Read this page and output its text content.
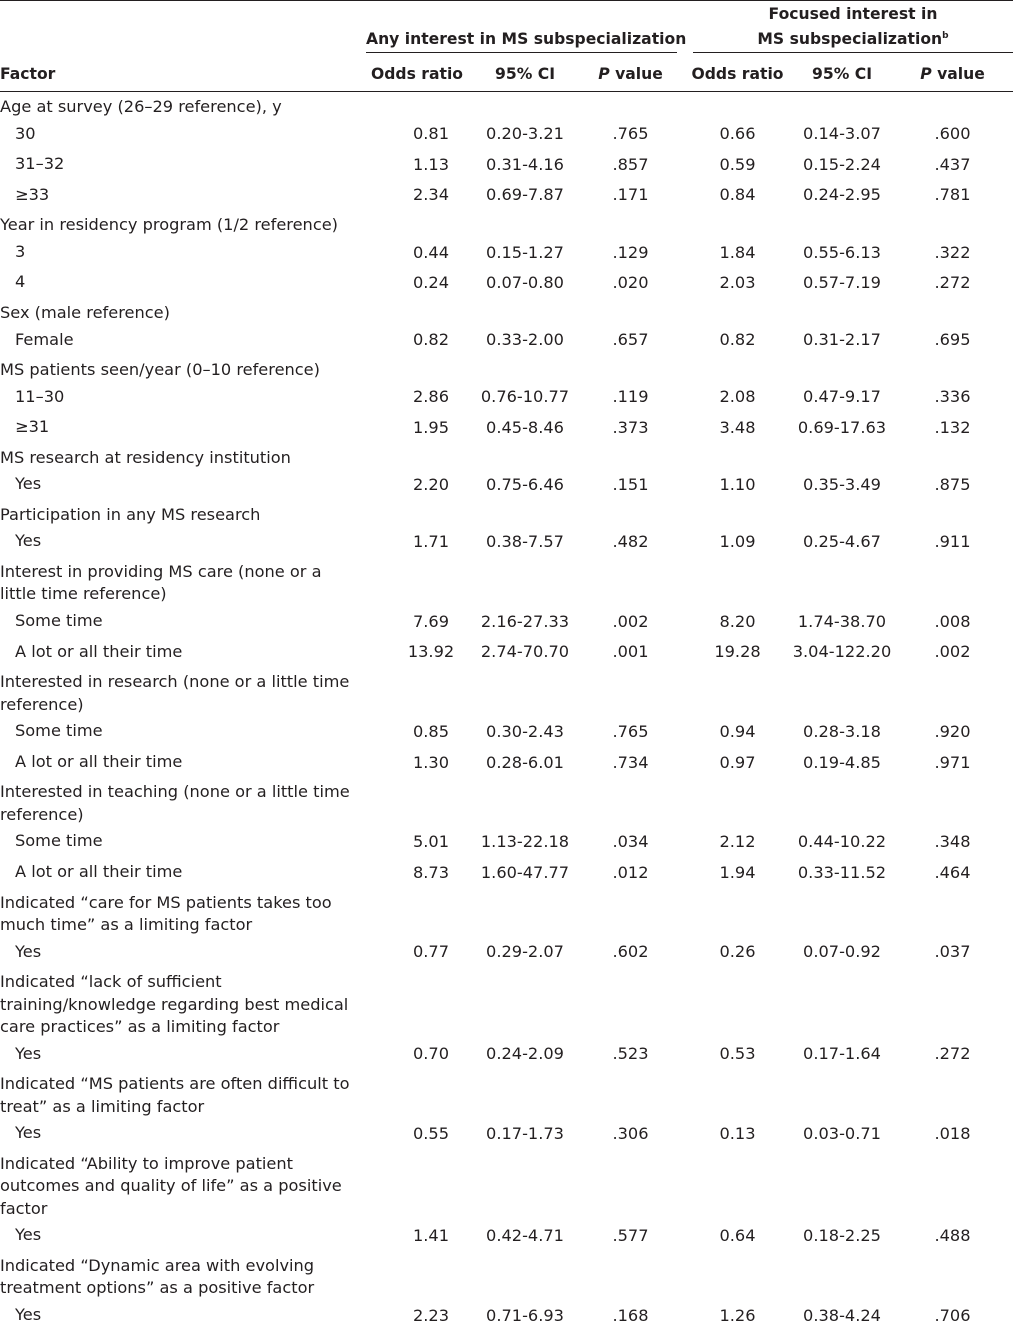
	Any interest in MS subspecialization			Focused interest in
MS subspecialization$^b$

Factor	Odds ratio	95% CI	P value	Odds ratio	95% CI	P value
Age at survey (26–29 reference), y						
30	0.81	0.20-3.21	.765	0.66	0.14-3.07	.600
31–32	1.13	0.31-4.16	.857	0.59	0.15-2.24	.437
≥33	2.34	0.69-7.87	.171	0.84	0.24-2.95	.781
Year in residency program (1/2 reference)						
3	0.44	0.15-1.27	.129	1.84	0.55-6.13	.322
4	0.24	0.07-0.80	.020	2.03	0.57-7.19	.272
Sex (male reference)						
Female	0.82	0.33-2.00	.657	0.82	0.31-2.17	.695
MS patients seen/year (0–10 reference)						
11–30	2.86	0.76-10.77	.119	2.08	0.47-9.17	.336
≥31	1.95	0.45-8.46	.373	3.48	0.69-17.63	.132
MS research at residency institution						
Yes	2.20	0.75-6.46	.151	1.10	0.35-3.49	.875
Participation in any MS research						
Yes	1.71	0.38-7.57	.482	1.09	0.25-4.67	.911
Interest in providing MS care (none or a little time reference)						
Some time	7.69	2.16-27.33	.002	8.20	1.74-38.70	.008
A lot or all their time	13.92	2.74-70.70	.001	19.28	3.04-122.20	.002
Interested in research (none or a little time reference)						
Some time	0.85	0.30-2.43	.765	0.94	0.28-3.18	.920
A lot or all their time	1.30	0.28-6.01	.734	0.97	0.19-4.85	.971
Interested in teaching (none or a little time reference)						
Some time	5.01	1.13-22.18	.034	2.12	0.44-10.22	.348
A lot or all their time	8.73	1.60-47.77	.012	1.94	0.33-11.52	.464
Indicated “care for MS patients takes too much time” as a limiting factor						
Yes	0.77	0.29-2.07	.602	0.26	0.07-0.92	.037
Indicated “lack of sufficient training/knowledge regarding best medical care practices” as a limiting factor						
Yes	0.70	0.24-2.09	.523	0.53	0.17-1.64	.272
Indicated “MS patients are often difficult to treat” as a limiting factor						
Yes	0.55	0.17-1.73	.306	0.13	0.03-0.71	.018
Indicated “Ability to improve patient outcomes and quality of life” as a positive factor						
Yes	1.41	0.42-4.71	.577	0.64	0.18-2.25	.488
Indicated “Dynamic area with evolving treatment options” as a positive factor						
Yes	2.23	0.71-6.93	.168	1.26	0.38-4.24	.706
